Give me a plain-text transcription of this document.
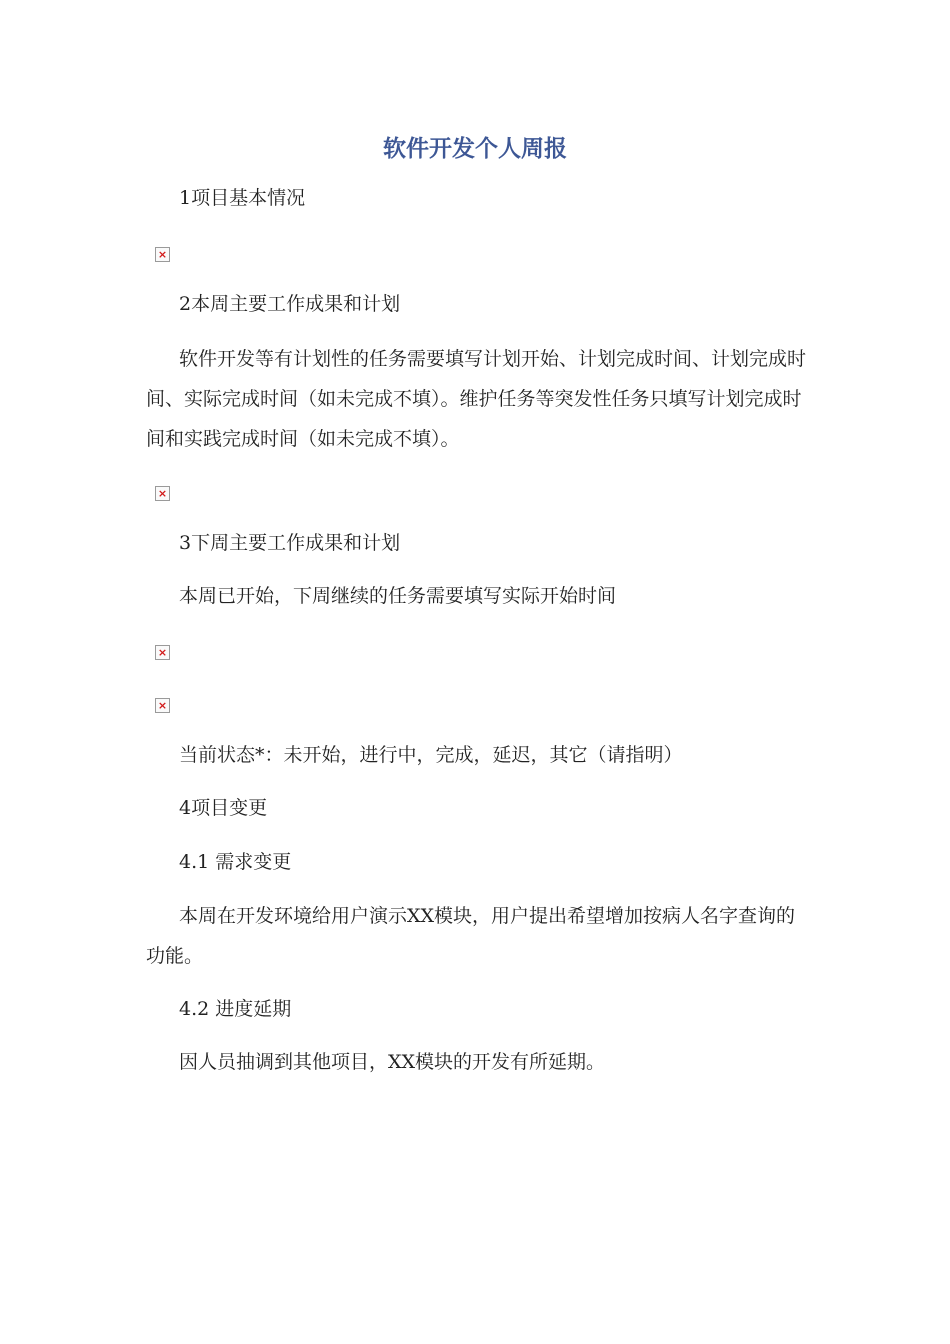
软件开发个人周报
1项目基本情况
×
2本周主要工作成果和计划
软件开发等有计划性的任务需要填写计划开始、计划完成时间、计划完成时间、实际完成时间（如未完成不填）。维护任务等突发性任务只填写计划完成时间和实践完成时间（如未完成不填）。
×
3下周主要工作成果和计划
本周已开始，下周继续的任务需要填写实际开始时间
×
×
当前状态*：未开始，进行中，完成，延迟，其它（请指明）
4项目变更
4.1 需求变更
本周在开发环境给用户演示XX模块，用户提出希望增加按病人名字查询的功能。
4.2 进度延期
因人员抽调到其他项目，XX模块的开发有所延期。
